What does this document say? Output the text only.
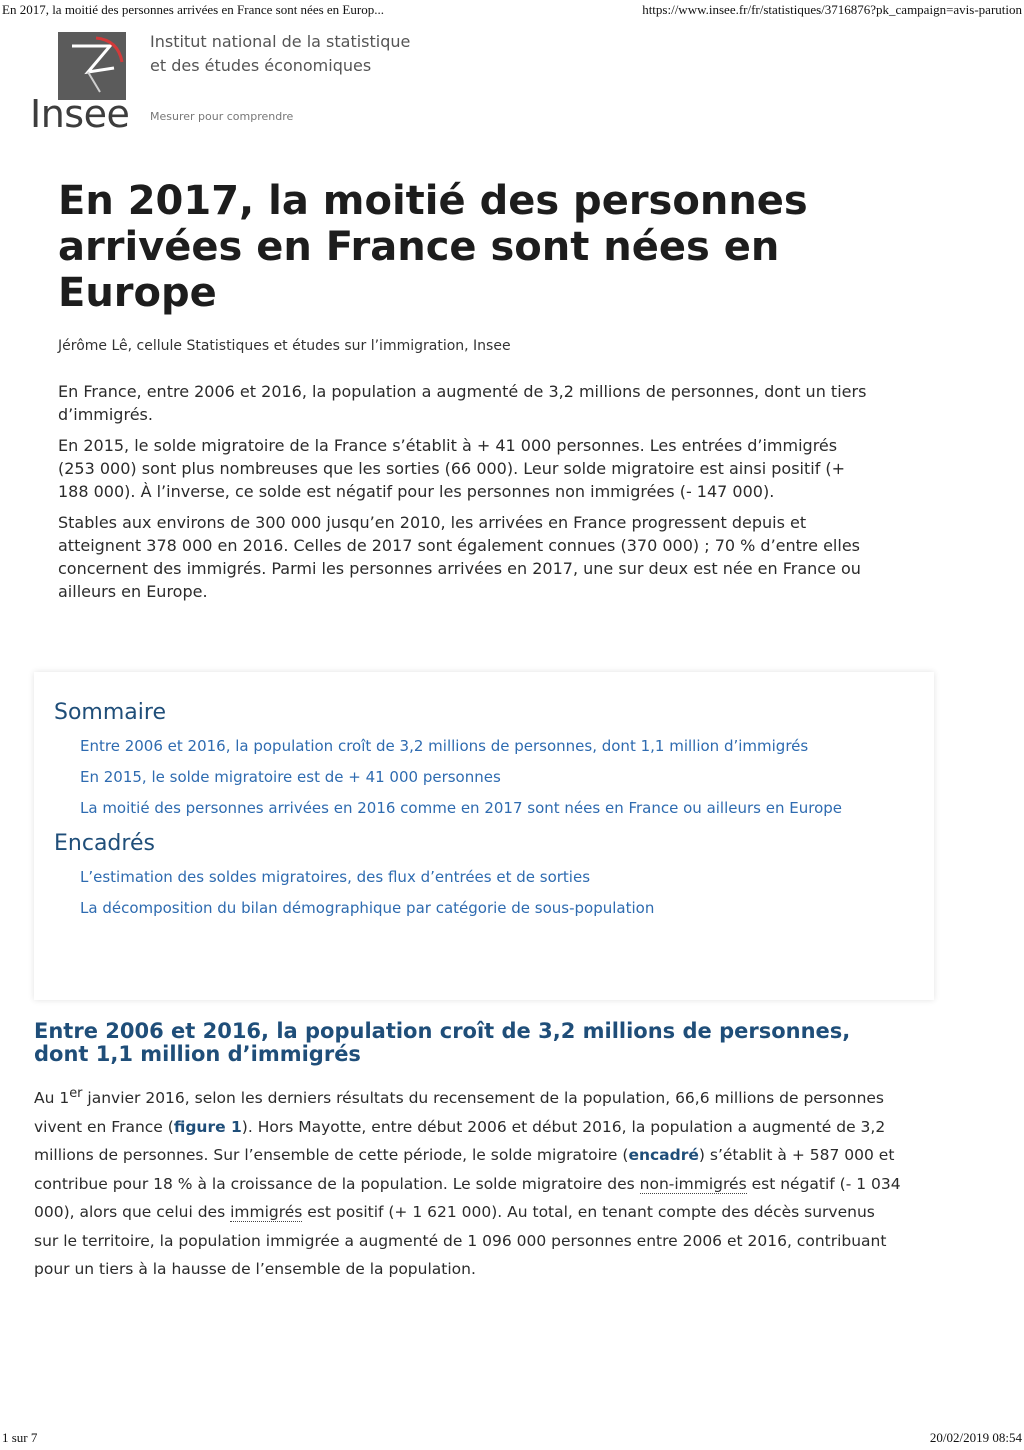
En 2017, la moitié des personnes arrivées en France sont nées en Europ...	https://www.insee.fr/fr/statistiques/3716876?pk_campaign=avis-parution
Insee
Institut national de la statistique
et des études économiques
Mesurer pour comprendre
En 2017, la moitié des personnes arrivées en France sont nées en Europe
Jérôme Lê, cellule Statistiques et études sur l’immigration, Insee

En France, entre 2006 et 2016, la population a augmenté de 3,2 millions de personnes, dont un tiers d’immigrés.

En 2015, le solde migratoire de la France s’établit à + 41 000 personnes. Les entrées d’immigrés (253 000) sont plus nombreuses que les sorties (66 000). Leur solde migratoire est ainsi positif (+ 188 000). À l’inverse, ce solde est négatif pour les personnes non immigrées (- 147 000).

Stables aux environs de 300 000 jusqu’en 2010, les arrivées en France progressent depuis et atteignent 378 000 en 2016. Celles de 2017 sont également connues (370 000) ; 70 % d’entre elles concernent des immigrés. Parmi les personnes arrivées en 2017, une sur deux est née en France ou ailleurs en Europe.

Sommaire
Entre 2006 et 2016, la population croît de 3,2 millions de personnes, dont 1,1 million d’immigrés
En 2015, le solde migratoire est de + 41 000 personnes
La moitié des personnes arrivées en 2016 comme en 2017 sont nées en France ou ailleurs en Europe
Encadrés
L’estimation des soldes migratoires, des flux d’entrées et de sorties
La décomposition du bilan démographique par catégorie de sous-population
Entre 2006 et 2016, la population croît de 3,2 millions de personnes, dont 1,1 million d’immigrés

Au 1er janvier 2016, selon les derniers résultats du recensement de la population, 66,6 millions de personnes vivent en France (figure 1). Hors Mayotte, entre début 2006 et début 2016, la population a augmenté de 3,2 millions de personnes. Sur l’ensemble de cette période, le solde migratoire (encadré) s’établit à + 587 000 et contribue pour 18 % à la croissance de la population. Le solde migratoire des non-immigrés est négatif (- 1 034 000), alors que celui des immigrés est positif (+ 1 621 000). Au total, en tenant compte des décès survenus sur le territoire, la population immigrée a augmenté de 1 096 000 personnes entre 2006 et 2016, contribuant pour un tiers à la hausse de l’ensemble de la population.

1 sur 7	20/02/2019 08:54
